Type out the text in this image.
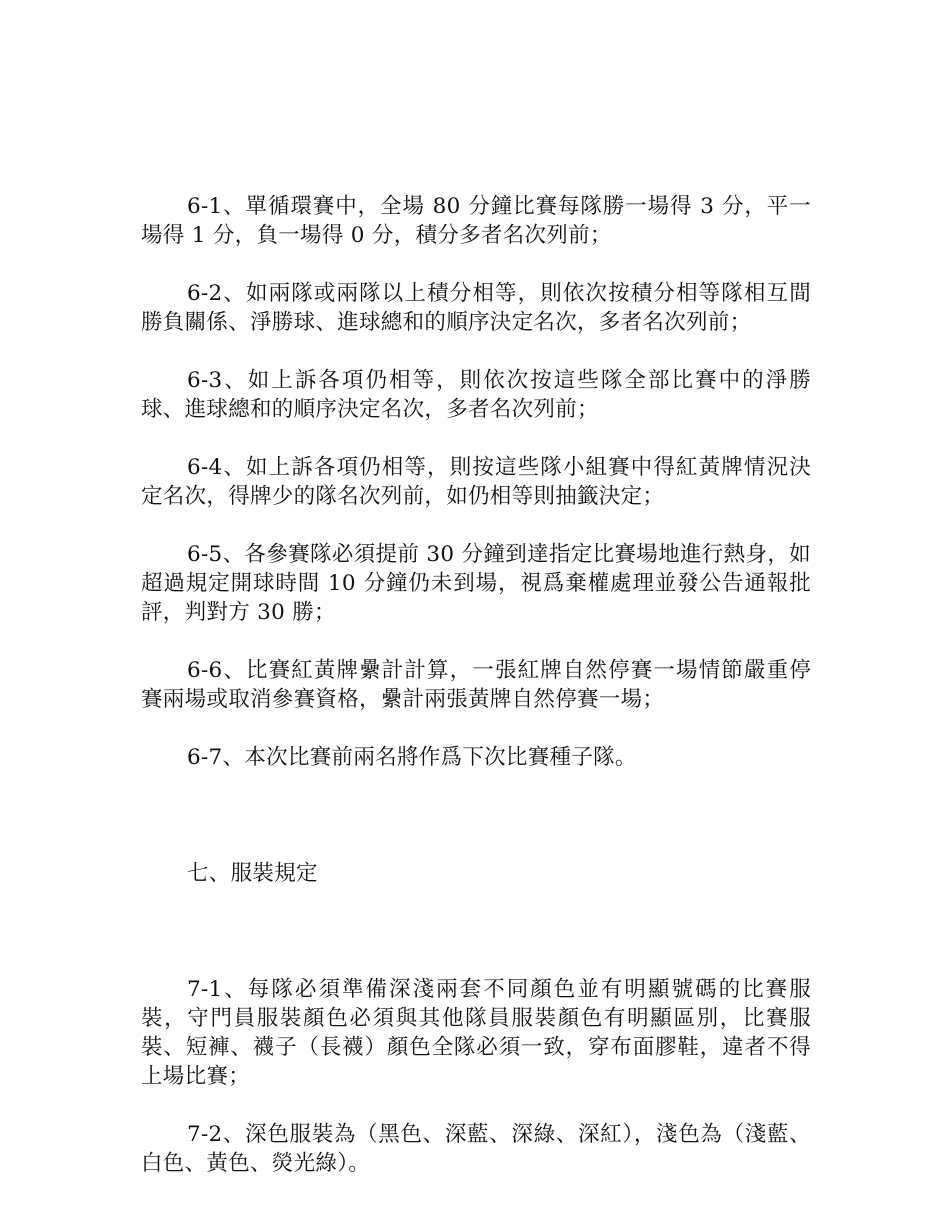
6-1、單循環賽中，全場 80 分鐘比賽每隊勝一場得 3 分，平一場得 1 分，負一場得 0 分，積分多者名次列前；

6-2、如兩隊或兩隊以上積分相等，則依次按積分相等隊相互間勝負關係、淨勝球、進球總和的順序決定名次，多者名次列前；

6-3、如上訴各項仍相等，則依次按這些隊全部比賽中的淨勝球、進球總和的順序決定名次，多者名次列前；

6-4、如上訴各項仍相等，則按這些隊小組賽中得紅黃牌情況決定名次，得牌少的隊名次列前，如仍相等則抽籤決定；

6-5、各參賽隊必須提前 30 分鐘到達指定比賽場地進行熱身，如超過規定開球時間 10 分鐘仍未到場，視爲棄權處理並發公告通報批評，判對方 30 勝；

6-6、比賽紅黃牌纍計計算，一張紅牌自然停賽一場情節嚴重停賽兩場或取消參賽資格，纍計兩張黃牌自然停賽一場；

6-7、本次比賽前兩名將作爲下次比賽種子隊。

七、服裝規定

7-1、每隊必須準備深淺兩套不同顏色並有明顯號碼的比賽服裝，守門員服裝顏色必須與其他隊員服裝顏色有明顯區別，比賽服裝、短褲、襪子（長襪）顏色全隊必須一致，穿布面膠鞋，違者不得上場比賽；

7-2、深色服裝為（黑色、深藍、深綠、深紅），淺色為（淺藍、白色、黃色、熒光綠）。
